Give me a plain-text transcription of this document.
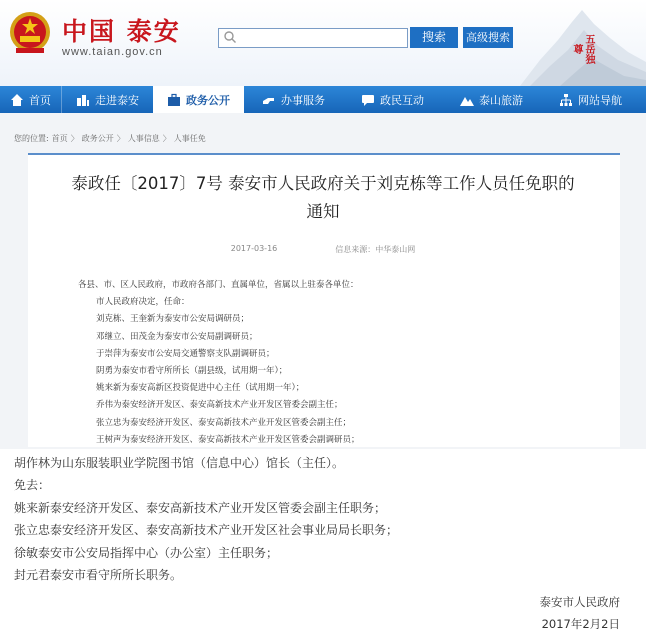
中国 泰安
www.taian.gov.cn
搜索	高级搜索	五岳独尊
首页	走进泰安	政务公开	办事服务	政民互动	泰山旅游	网站导航
您的位置: 首页 〉 政务公开 〉 人事信息 〉 人事任免
泰政任〔2017〕7号 泰安市人民政府关于刘克栋等工作人员任免职的
通知
2017-03-16	信息来源：中华泰山网
各县、市、区人民政府，市政府各部门、直属单位，省属以上驻泰各单位：
市人民政府决定，任命：
刘克栋、王奎新为泰安市公安局调研员；
邓继立、田茂金为泰安市公安局副调研员；
于崇萍为泰安市公安局交通警察支队副调研员；
阴勇为泰安市看守所所长（副县级，试用期一年）；
姚来新为泰安高新区投资促进中心主任（试用期一年）；
乔伟为泰安经济开发区、泰安高新技术产业开发区管委会副主任；
张立忠为泰安经济开发区、泰安高新技术产业开发区管委会副主任；
王树声为泰安经济开发区、泰安高新技术产业开发区管委会副调研员；
胡作林为山东服装职业学院图书馆（信息中心）馆长（主任）。
免去：
姚来新泰安经济开发区、泰安高新技术产业开发区管委会副主任职务；
张立忠泰安经济开发区、泰安高新技术产业开发区社会事业局局长职务；
徐敏泰安市公安局指挥中心（办公室）主任职务；
封元君泰安市看守所所长职务。
泰安市人民政府
2017年2月2日
